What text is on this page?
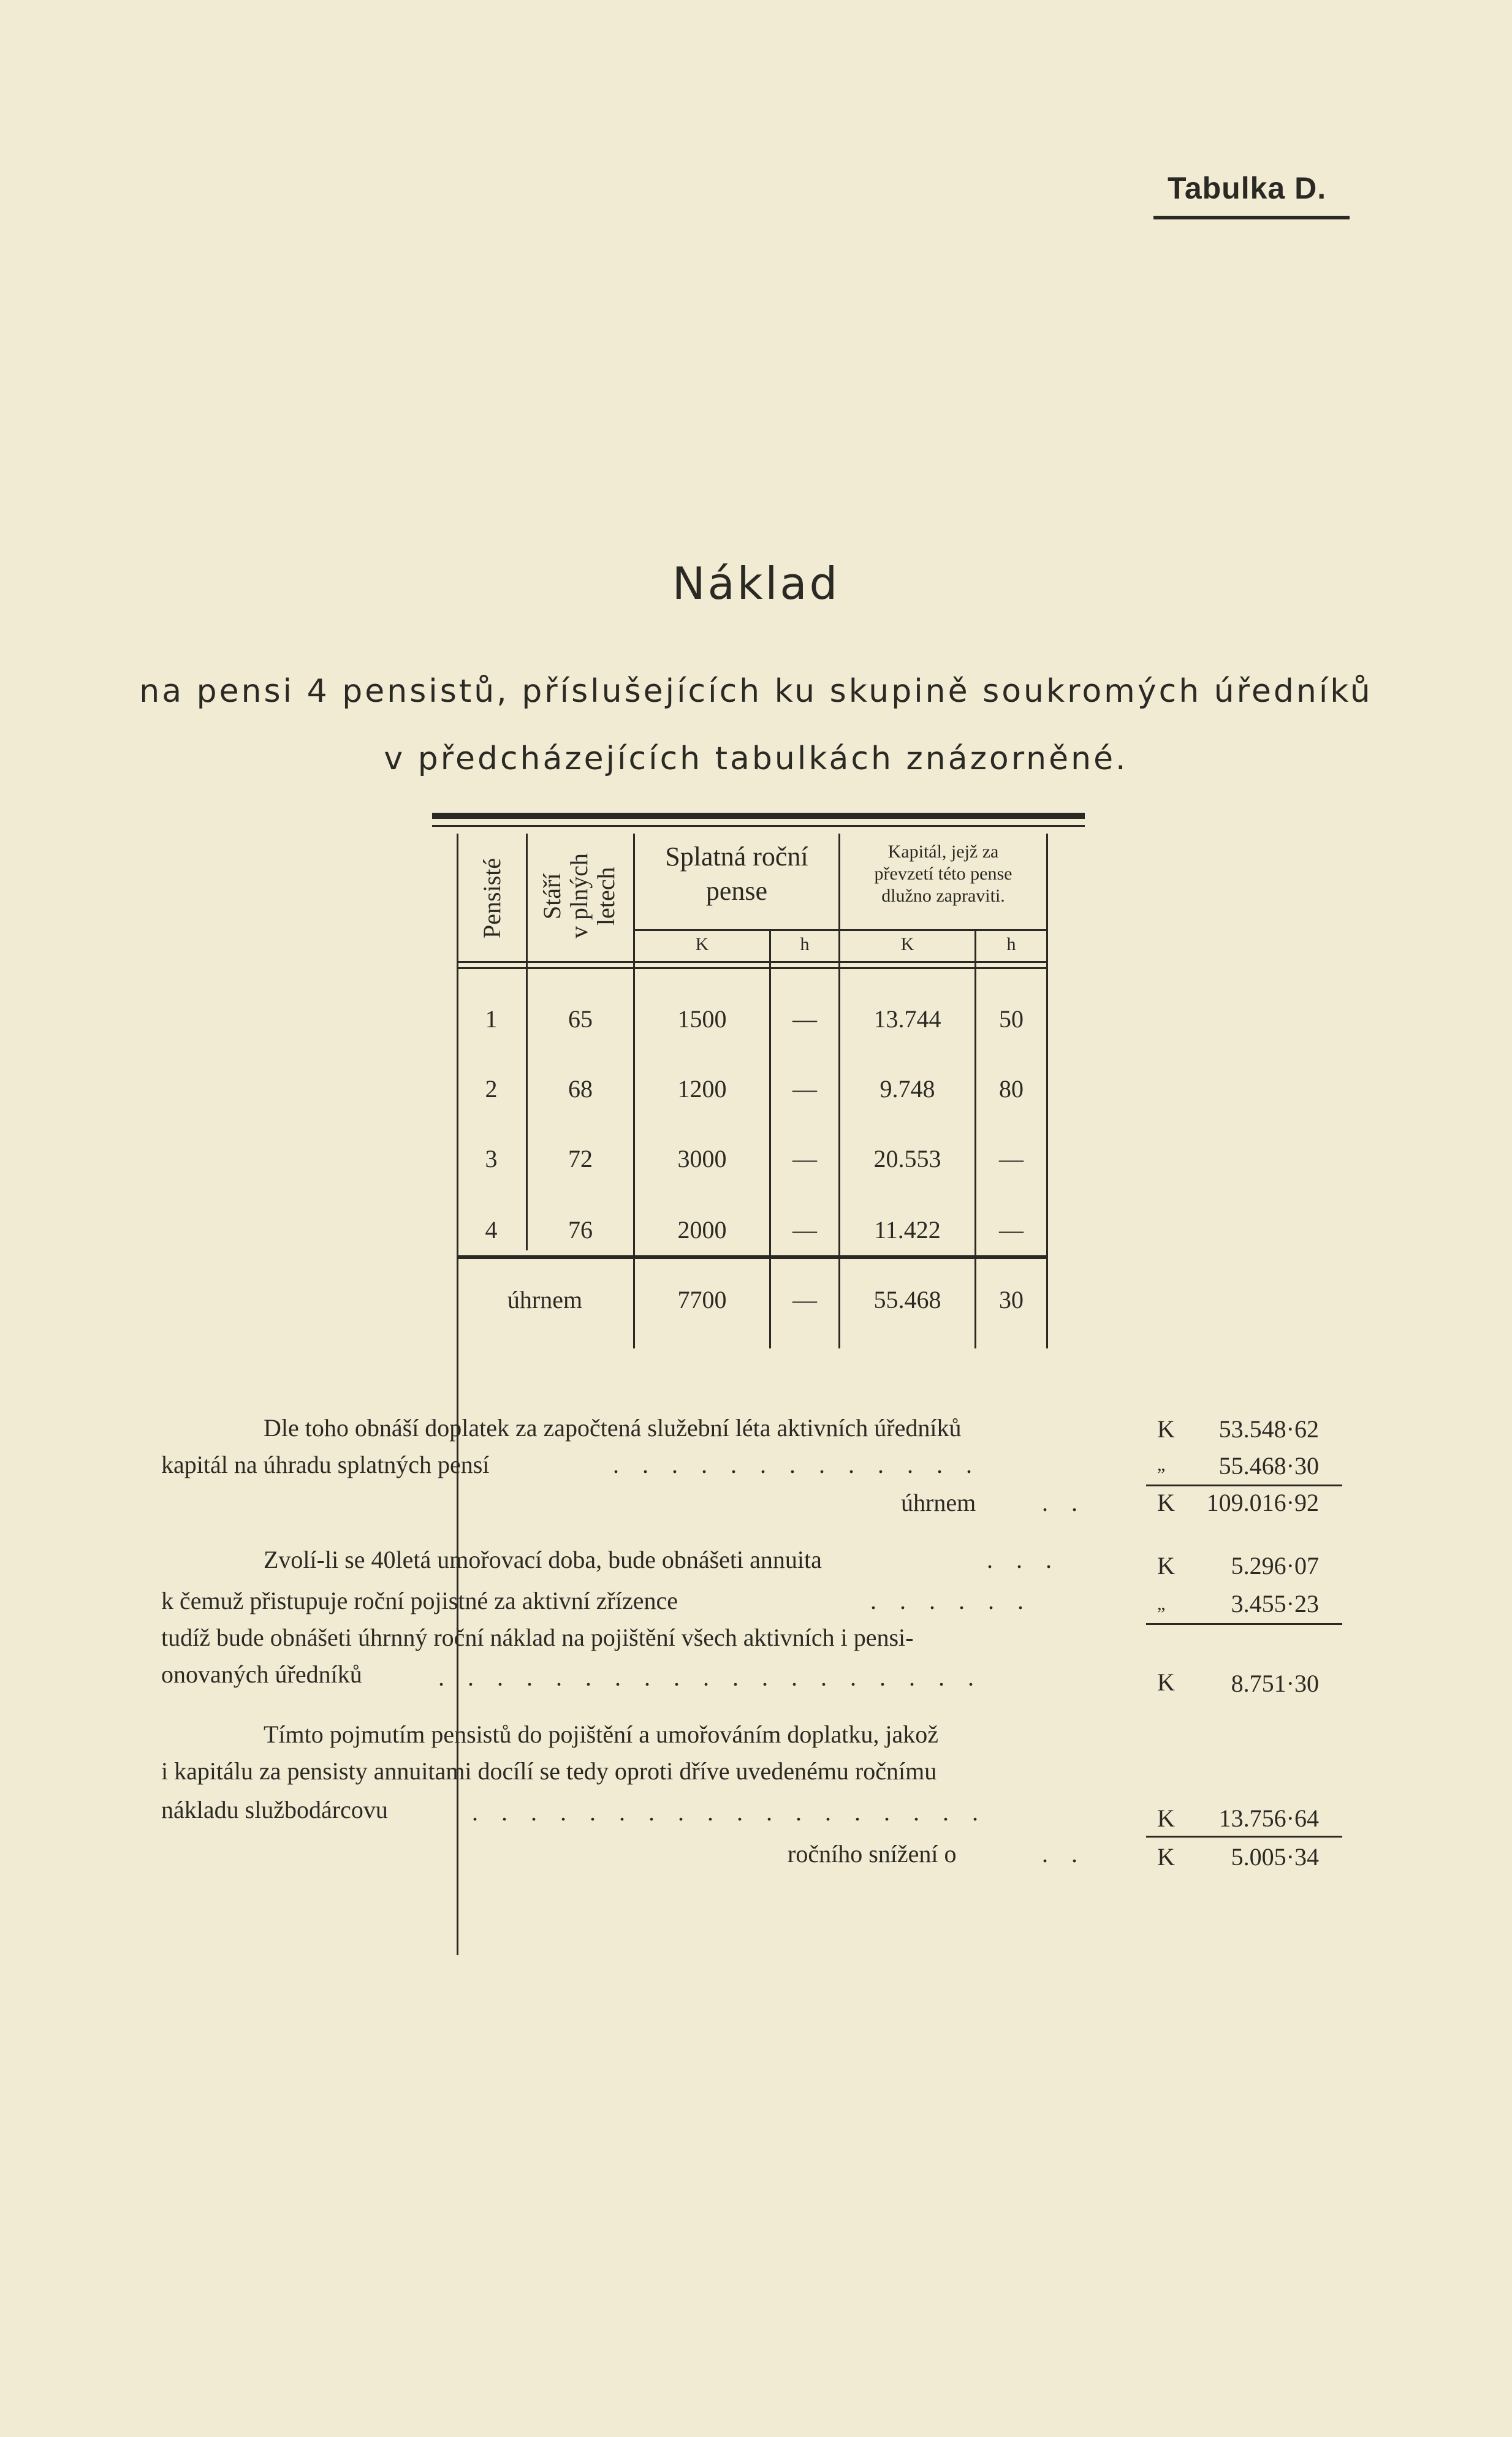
Tabulka D.
Náklad
na pensi 4 pensistů, příslušejících ku skupině soukromých úředníků
v předcházejících tabulkách znázorněné.
Pensisté Stáří v plných letech
Splatná roční
pense
Kapitál, jejž za
převzetí této pense
dlužno zapraviti.
K	h	K	h
1	65	1500	—	13.744	50
2	68	1200	—	9.748	80
3	72	3000	—	20.553	—
4	76	2000	—	11.422	—
úhrnem	7700	—	55.468	30
Dle toho obnáší doplatek za započtená služební léta aktivních úředníků	K	53.548·62
kapitál na úhradu splatných pensí	. . . . . . . . . . . . .	„	55.468·30
úhrnem	. .	K	109.016·92
Zvolí-li se 40letá umořovací doba, bude obnášeti annuita	. . .	K	5.296·07
k čemuž přistupuje roční pojistné za aktivní zřízence	. . . . . .	„	3.455·23
tudíž bude obnášeti úhrnný roční náklad na pojištění všech aktivních i pensi-
onovaných úředníků	. . . . . . . . . . . . . . . . . . .	K	8.751·30
Tímto pojmutím pensistů do pojištění a umořováním doplatku, jakož
i kapitálu za pensisty annuitami docílí se tedy oproti dříve uvedenému ročnímu
nákladu službodárcovu	. . . . . . . . . . . . . . . . . .	K	13.756·64
ročního snížení o	. .	K	5.005·34
